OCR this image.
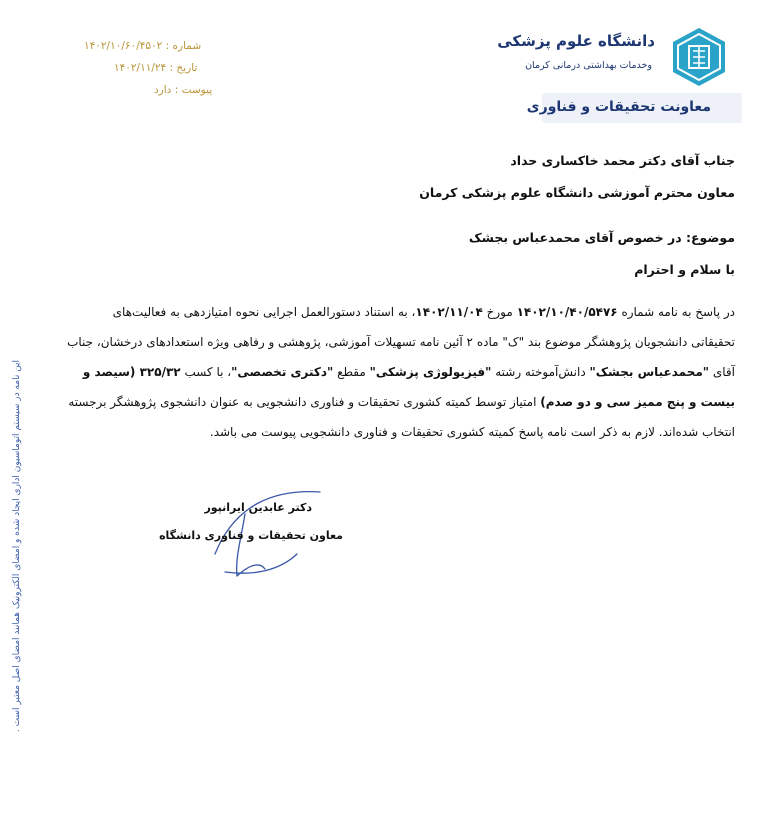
دانشگاه علوم پزشکی
وخدمات بهداشتی درمانی کرمان
معاونت تحقیقات و فناوری
شماره : ۱۴۰۲/۱۰/۶۰/۴۵۰۲
تاریخ : ۱۴۰۲/۱۱/۲۴
پیوست : دارد
جناب آقای دکتر محمد خاکساری حداد
معاون محترم آموزشی دانشگاه علوم پزشکی کرمان
موضوع: در خصوص آقای محمدعباس بجشک
با سلام و احترام
در پاسخ به نامه شماره ۱۴۰۲/۱۰/۴۰/۵۴۷۶ مورخ ۱۴۰۲/۱۱/۰۴، به استناد دستورالعمل اجرایی نحوه امتیازدهی به فعالیت‌های
تحقیقاتی دانشجویان پژوهشگر موضوع بند "ک" ماده ۲ آئین نامه تسهیلات آموزشی، پژوهشی و رفاهی ویژه استعدادهای درخشان، جناب
آقای "محمدعباس بجشک" دانش‌آموخته رشته "فیزیولوژی پزشکی" مقطع "دکتری تخصصی"، با کسب ۳۲۵/۳۲ (سیصد و
بیست و پنج ممیز سی و دو صدم) امتیاز توسط کمیته کشوری تحقیقات و فناوری دانشجویی به عنوان دانشجوی پژوهشگر برجسته
انتخاب شده‌اند. لازم به ذکر است نامه پاسخ کمیته کشوری تحقیقات و فناوری دانشجویی پیوست می باشد.
دکتر عابدین ایرانپور
معاون تحقیقات و فناوری دانشگاه
این نامه در سیستم اتوماسیون اداری ایجاد شده و امضای الکترونیک همانند امضای اصل معتبر است .
